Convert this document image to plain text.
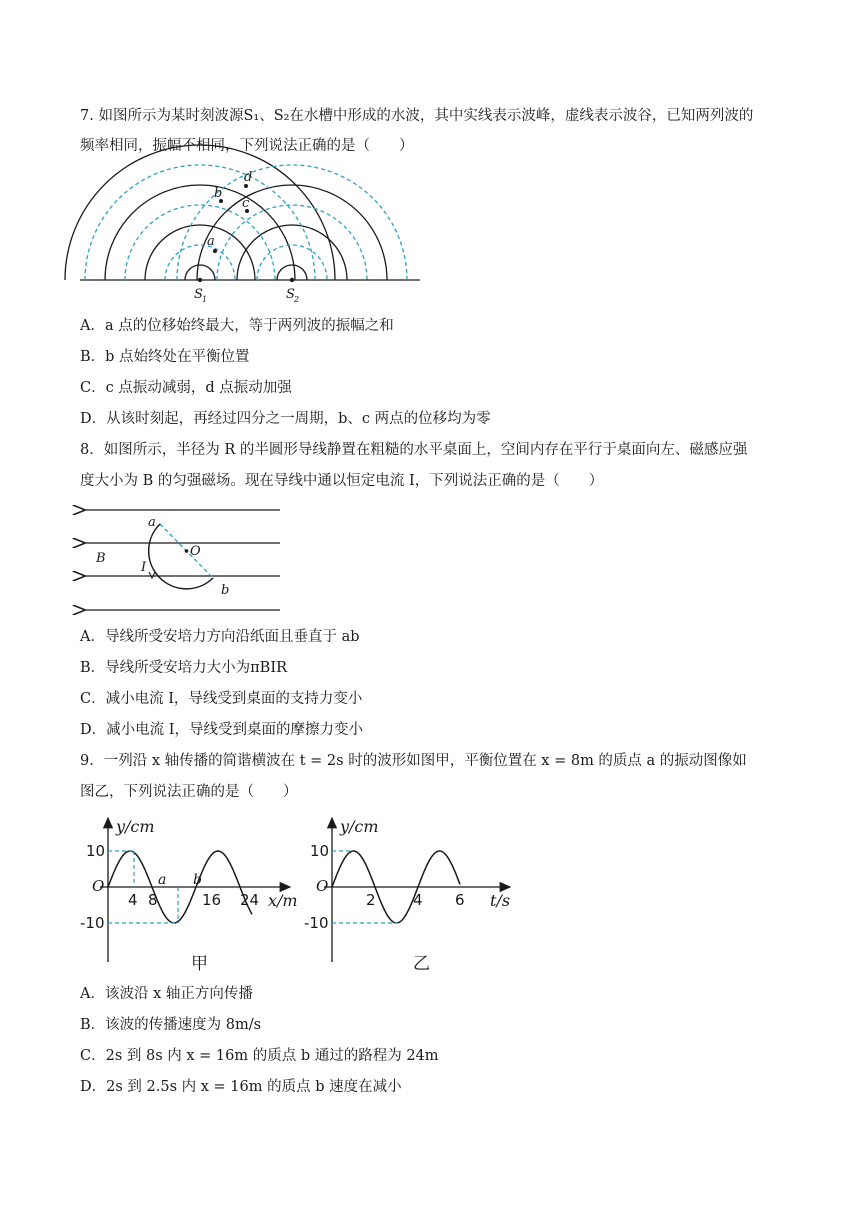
7. 如图所示为某时刻波源S₁、S₂在水槽中形成的水波，其中实线表示波峰，虚线表示波谷，已知两列波的
频率相同，振幅不相同，下列说法正确的是（　　）
a
b
c
d
S 1	S 2
A．a 点的位移始终最大，等于两列波的振幅之和
B．b 点始终处在平衡位置
C．c 点振动减弱，d 点振动加强
D．从该时刻起，再经过四分之一周期，b、c 两点的位移均为零
8．如图所示，半径为 R 的半圆形导线静置在粗糙的水平桌面上，空间内存在平行于桌面向左、磁感应强
度大小为 B 的匀强磁场。现在导线中通以恒定电流 I，下列说法正确的是（　　）
a
b
O
B
I
A．导线所受安培力方向沿纸面且垂直于 ab
B．导线所受安培力大小为πBIR
C．减小电流 I，导线受到桌面的支持力变小
D．减小电流 I，导线受到桌面的摩擦力变小
9．一列沿 x 轴传播的简谐横波在 t = 2s 时的波形如图甲，平衡位置在 x = 8m 的质点 a 的振动图像如
图乙，下列说法正确的是（　　）
y/cm
10
-10
O
4 8	16 24 x/m
a b
甲
y/cm
10
-10
O
2 4 6 t/s
乙
A．该波沿 x 轴正方向传播
B．该波的传播速度为 8m/s
C．2s 到 8s 内 x = 16m 的质点 b 通过的路程为 24m
D．2s 到 2.5s 内 x = 16m 的质点 b 速度在减小
